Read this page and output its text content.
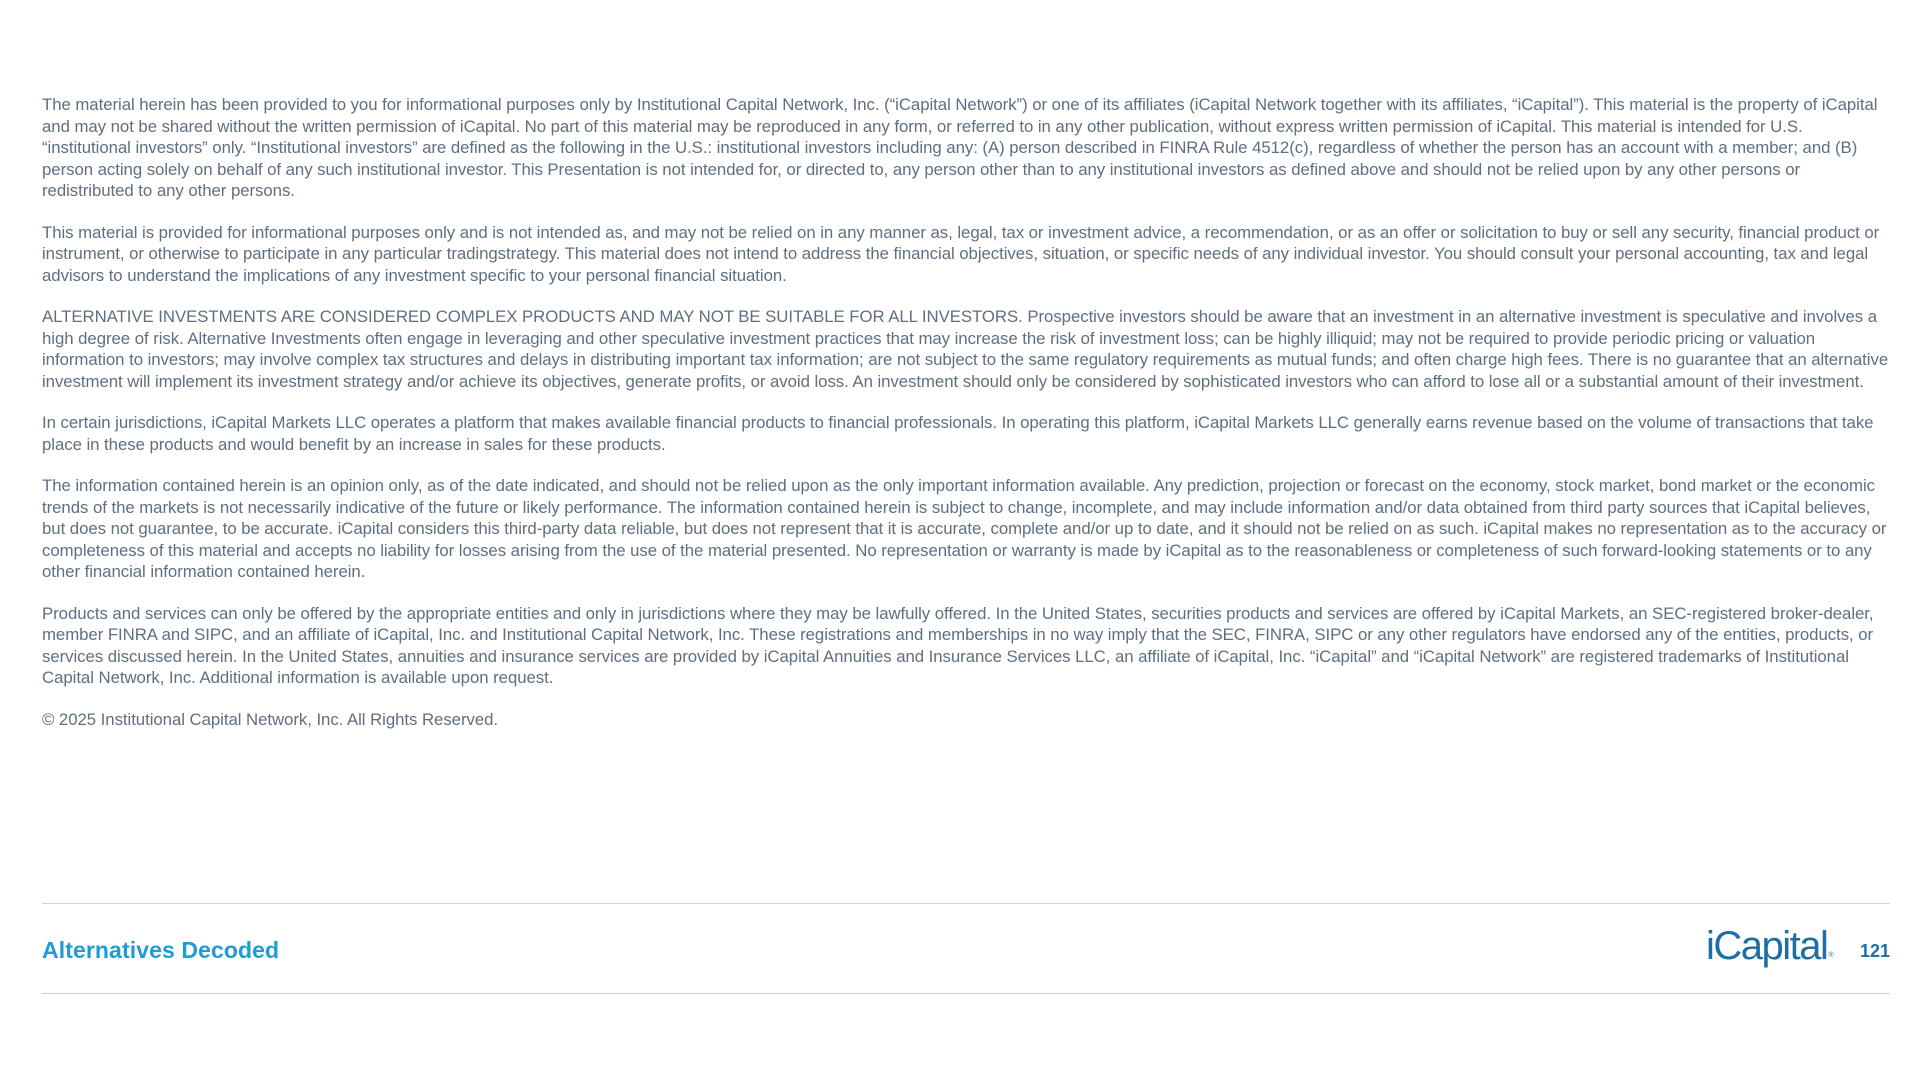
The material herein has been provided to you for informational purposes only by Institutional Capital Network, Inc. (“iCapital Network”) or one of its affiliates (iCapital Network together with its affiliates, “iCapital”). This material is the property of iCapital and may not be shared without the written permission of iCapital. No part of this material may be reproduced in any form, or referred to in any other publication, without express written permission of iCapital. This material is intended for U.S. “institutional investors” only. “Institutional investors” are defined as the following in the U.S.: institutional investors including any: (A) person described in FINRA Rule 4512(c), regardless of whether the person has an account with a member; and (B) person acting solely on behalf of any such institutional investor. This Presentation is not intended for, or directed to, any person other than to any institutional investors as defined above and should not be relied upon by any other persons or redistributed to any other persons.

This material is provided for informational purposes only and is not intended as, and may not be relied on in any manner as, legal, tax or investment advice, a recommendation, or as an offer or solicitation to buy or sell any security, financial product or instrument, or otherwise to participate in any particular tradingstrategy. This material does not intend to address the financial objectives, situation, or specific needs of any individual investor. You should consult your personal accounting, tax and legal advisors to understand the implications of any investment specific to your personal financial situation.

ALTERNATIVE INVESTMENTS ARE CONSIDERED COMPLEX PRODUCTS AND MAY NOT BE SUITABLE FOR ALL INVESTORS. Prospective investors should be aware that an investment in an alternative investment is speculative and involves a high degree of risk. Alternative Investments often engage in leveraging and other speculative investment practices that may increase the risk of investment loss; can be highly illiquid; may not be required to provide periodic pricing or valuation information to investors; may involve complex tax structures and delays in distributing important tax information; are not subject to the same regulatory requirements as mutual funds; and often charge high fees. There is no guarantee that an alternative investment will implement its investment strategy and/or achieve its objectives, generate profits, or avoid loss. An investment should only be considered by sophisticated investors who can afford to lose all or a substantial amount of their investment.

In certain jurisdictions, iCapital Markets LLC operates a platform that makes available financial products to financial professionals. In operating this platform, iCapital Markets LLC generally earns revenue based on the volume of transactions that take place in these products and would benefit by an increase in sales for these products.

The information contained herein is an opinion only, as of the date indicated, and should not be relied upon as the only important information available. Any prediction, projection or forecast on the economy, stock market, bond market or the economic trends of the markets is not necessarily indicative of the future or likely performance. The information contained herein is subject to change, incomplete, and may include information and/or data obtained from third party sources that iCapital believes, but does not guarantee, to be accurate. iCapital considers this third-party data reliable, but does not represent that it is accurate, complete and/or up to date, and it should not be relied on as such. iCapital makes no representation as to the accuracy or completeness of this material and accepts no liability for losses arising from the use of the material presented. No representation or warranty is made by iCapital as to the reasonableness or completeness of such forward-looking statements or to any other financial information contained herein.

Products and services can only be offered by the appropriate entities and only in jurisdictions where they may be lawfully offered. In the United States, securities products and services are offered by iCapital Markets, an SEC-registered broker-dealer, member FINRA and SIPC, and an affiliate of iCapital, Inc. and Institutional Capital Network, Inc. These registrations and memberships in no way imply that the SEC, FINRA, SIPC or any other regulators have endorsed any of the entities, products, or services discussed herein. In the United States, annuities and insurance services are provided by iCapital Annuities and Insurance Services LLC, an affiliate of iCapital, Inc. “iCapital” and “iCapital Network” are registered trademarks of Institutional Capital Network, Inc. Additional information is available upon request.

© 2025 Institutional Capital Network, Inc. All Rights Reserved.

Alternatives Decoded	iCapital® 121
